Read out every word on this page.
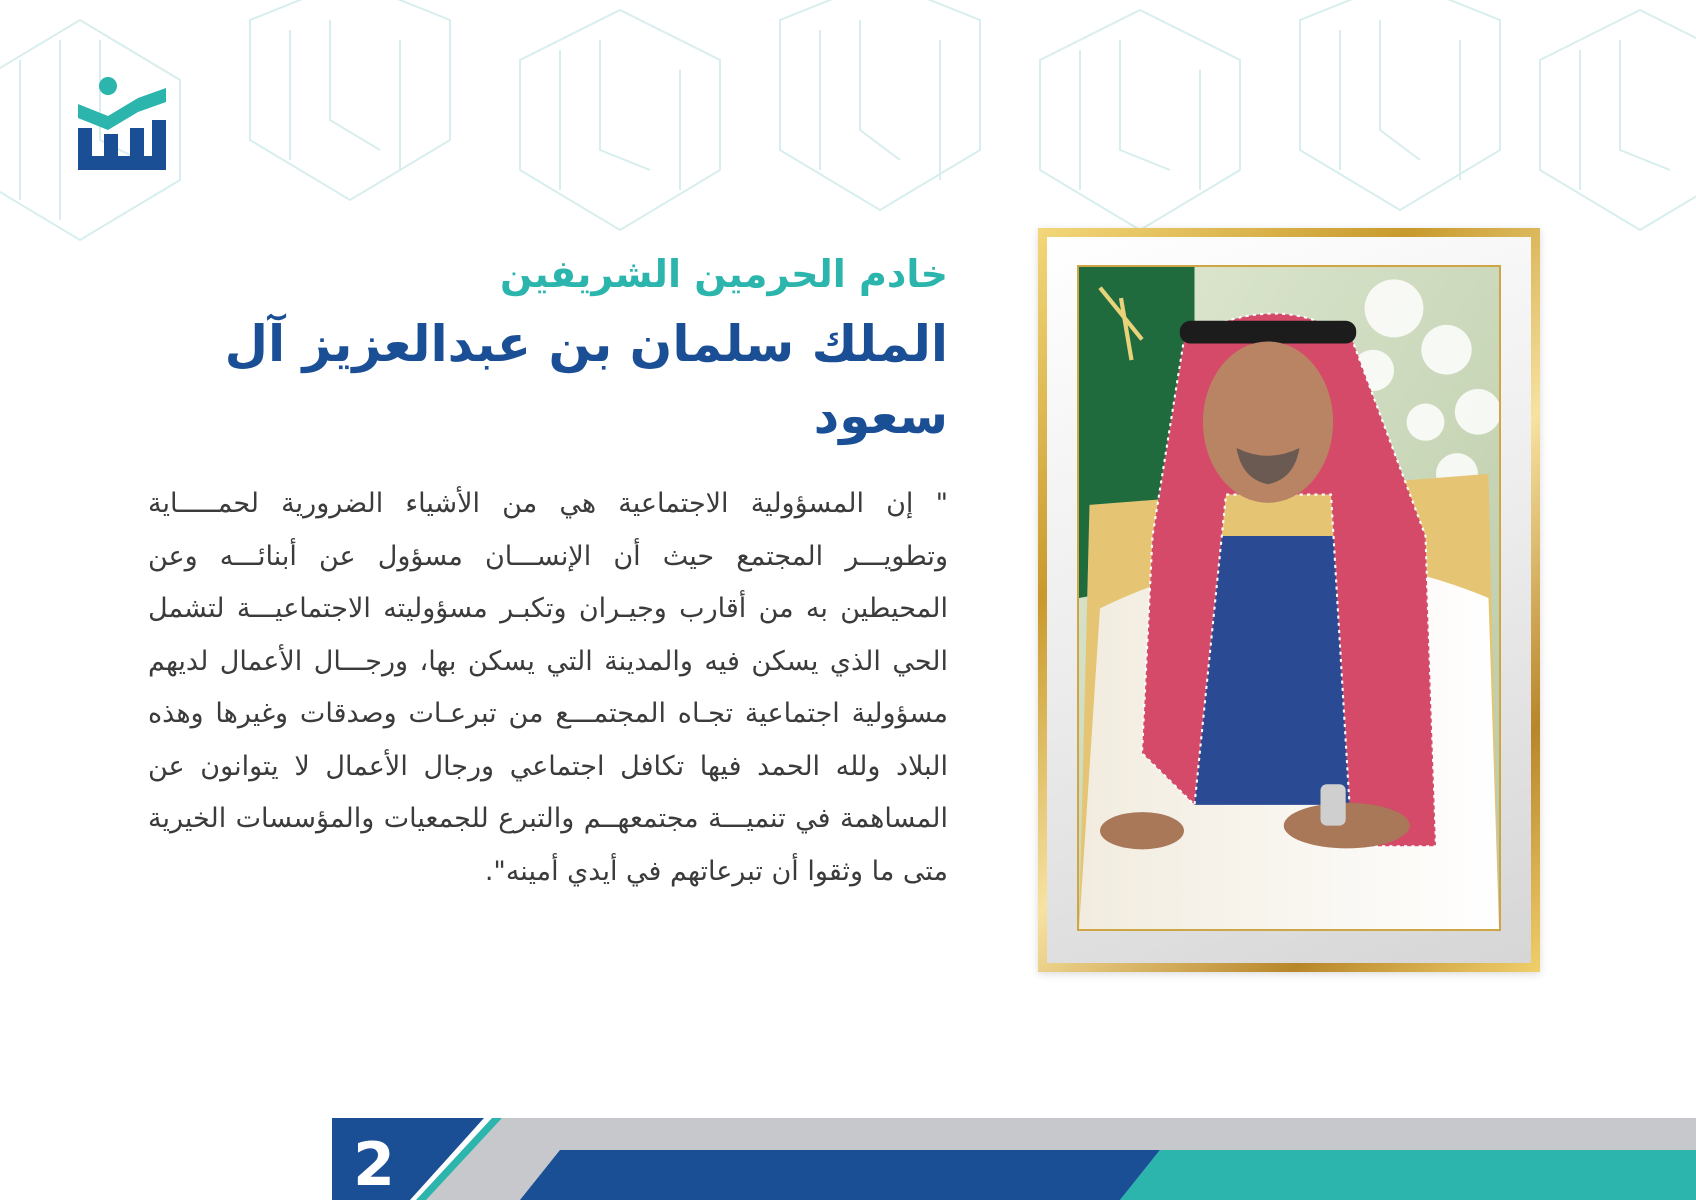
خادم الحرمين الشريفين
الملك سلمان بن عبدالعزيز آل سعود

" إن المسؤولية الاجتماعية هي من الأشياء الضرورية لحمـــــاية وتطويـــر المجتمع حيث أن الإنســـان مسؤول عن أبنائـــه وعن المحيطين به من أقارب وجيـران وتكبـر مسؤوليته الاجتماعيـــة لتشمل الحي الذي يسكن فيه والمدينة التي يسكن بها، ورجـــال الأعمال لديهم مسؤولية اجتماعية تجـاه المجتمـــع من تبرعـات وصدقات وغيرها وهذه البلاد ولله الحمد فيها تكافل اجتماعي ورجال الأعمال لا يتوانون عن المساهمة في تنميـــة مجتمعهــم والتبرع للجمعيات والمؤسسات الخيرية متى ما وثقوا أن تبرعاتهم في أيدي أمينه".

2
